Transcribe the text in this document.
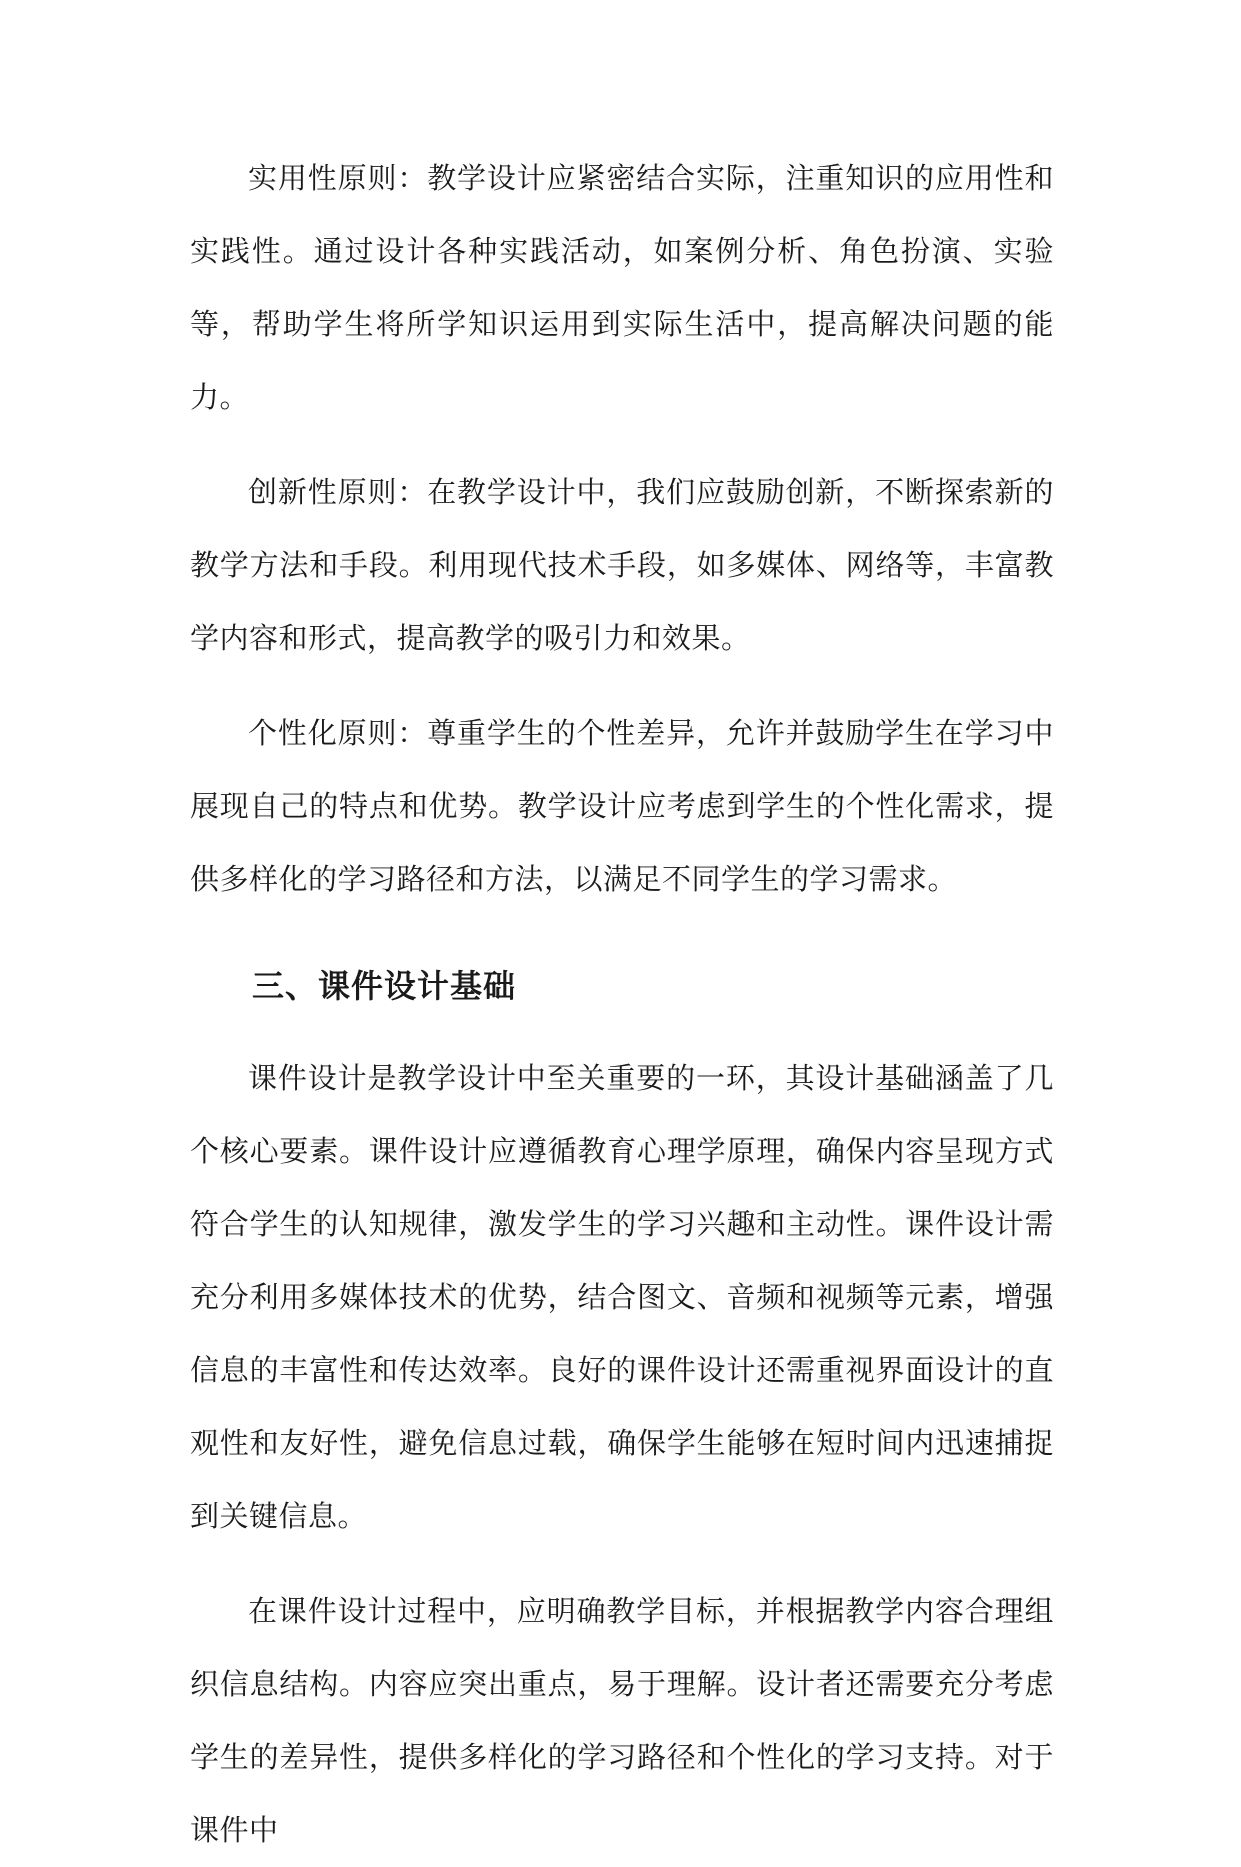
实用性原则：教学设计应紧密结合实际，注重知识的应用性和实践性。通过设计各种实践活动，如案例分析、角色扮演、实验等，帮助学生将所学知识运用到实际生活中，提高解决问题的能力。

创新性原则：在教学设计中，我们应鼓励创新，不断探索新的教学方法和手段。利用现代技术手段，如多媒体、网络等，丰富教学内容和形式，提高教学的吸引力和效果。

个性化原则：尊重学生的个性差异，允许并鼓励学生在学习中展现自己的特点和优势。教学设计应考虑到学生的个性化需求，提供多样化的学习路径和方法，以满足不同学生的学习需求。

三、课件设计基础

课件设计是教学设计中至关重要的一环，其设计基础涵盖了几个核心要素。课件设计应遵循教育心理学原理，确保内容呈现方式符合学生的认知规律，激发学生的学习兴趣和主动性。课件设计需充分利用多媒体技术的优势，结合图文、音频和视频等元素，增强信息的丰富性和传达效率。良好的课件设计还需重视界面设计的直观性和友好性，避免信息过载，确保学生能够在短时间内迅速捕捉到关键信息。

在课件设计过程中，应明确教学目标，并根据教学内容合理组织信息结构。内容应突出重点，易于理解。设计者还需要充分考虑学生的差异性，提供多样化的学习路径和个性化的学习支持。对于课件中
